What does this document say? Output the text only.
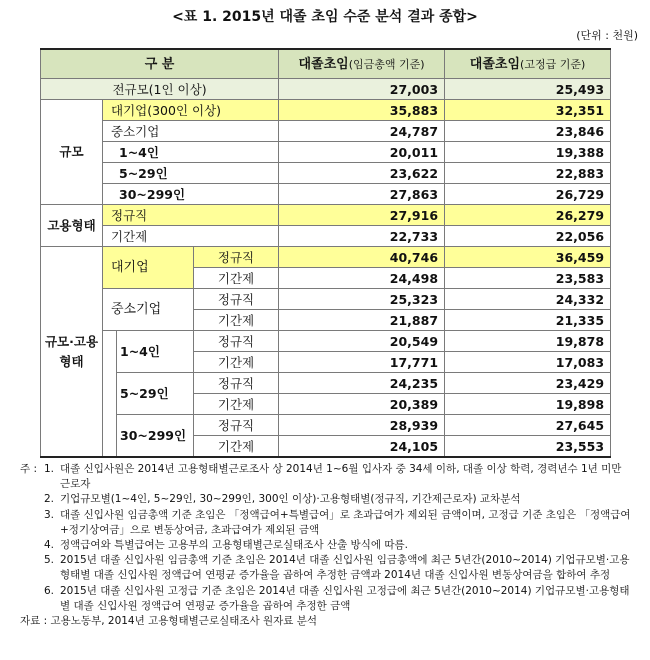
<표 1. 2015년 대졸 초임 수준 분석 결과 종합>
(단위 : 천원)
구 분				대졸초임(임금총액 기준)	대졸초임(고정급 기준)
전규모(1인 이상)				27,003	25,493
규모	대기업(300인 이상)			35,883	32,351
	중소기업			24,787	23,846
	1~4인			20,011	19,388
	5~29인			23,622	22,883
	30~299인			27,863	26,729
고용형태	정규직			27,916	26,279
	기간제			22,733	22,056
규모·고용형태	대기업		정규직	40,746	36,459
			기간제	24,498	23,583
	중소기업		정규직	25,323	24,332
			기간제	21,887	21,335
		1~4인	정규직	20,549	19,878
			기간제	17,771	17,083
		5~29인	정규직	24,235	23,429
			기간제	20,389	19,898
		30~299인	정규직	28,939	27,645
			기간제	24,105	23,553
주 : 1. 대졸 신입사원은 2014년 고용형태별근로조사 상 2014년 1~6월 입사자 중 34세 이하, 대졸 이상 학력, 경력년수 1년 미만 근로자
2. 기업규모별(1~4인, 5~29인, 30~299인, 300인 이상)·고용형태별(정규직, 기간제근로자) 교차분석
3. 대졸 신입사원 임금총액 기준 초임은 「정액급여+특별급여」로 초과급여가 제외된 금액이며, 고정급 기준 초임은 「정액급여+정기상여금」으로 변동상여금, 초과급여가 제외된 금액
4. 정액급여와 특별급여는 고용부의 고용형태별근로실태조사 산출 방식에 따름.
5. 2015년 대졸 신입사원 임금총액 기준 초임은 2014년 대졸 신입사원 임금총액에 최근 5년간(2010~2014) 기업규모별·고용형태별 대졸 신입사원 정액급여 연평균 증가율을 곱하여 추정한 금액과 2014년 대졸 신입사원 변동상여금을 합하여 추정
6. 2015년 대졸 신입사원 고정급 기준 초임은 2014년 대졸 신입사원 고정급에 최근 5년간(2010~2014) 기업규모별·고용형태별 대졸 신입사원 정액급여 연평균 증가율을 곱하여 추정한 금액
자료 : 고용노동부, 2014년 고용형태별근로실태조사 원자료 분석
